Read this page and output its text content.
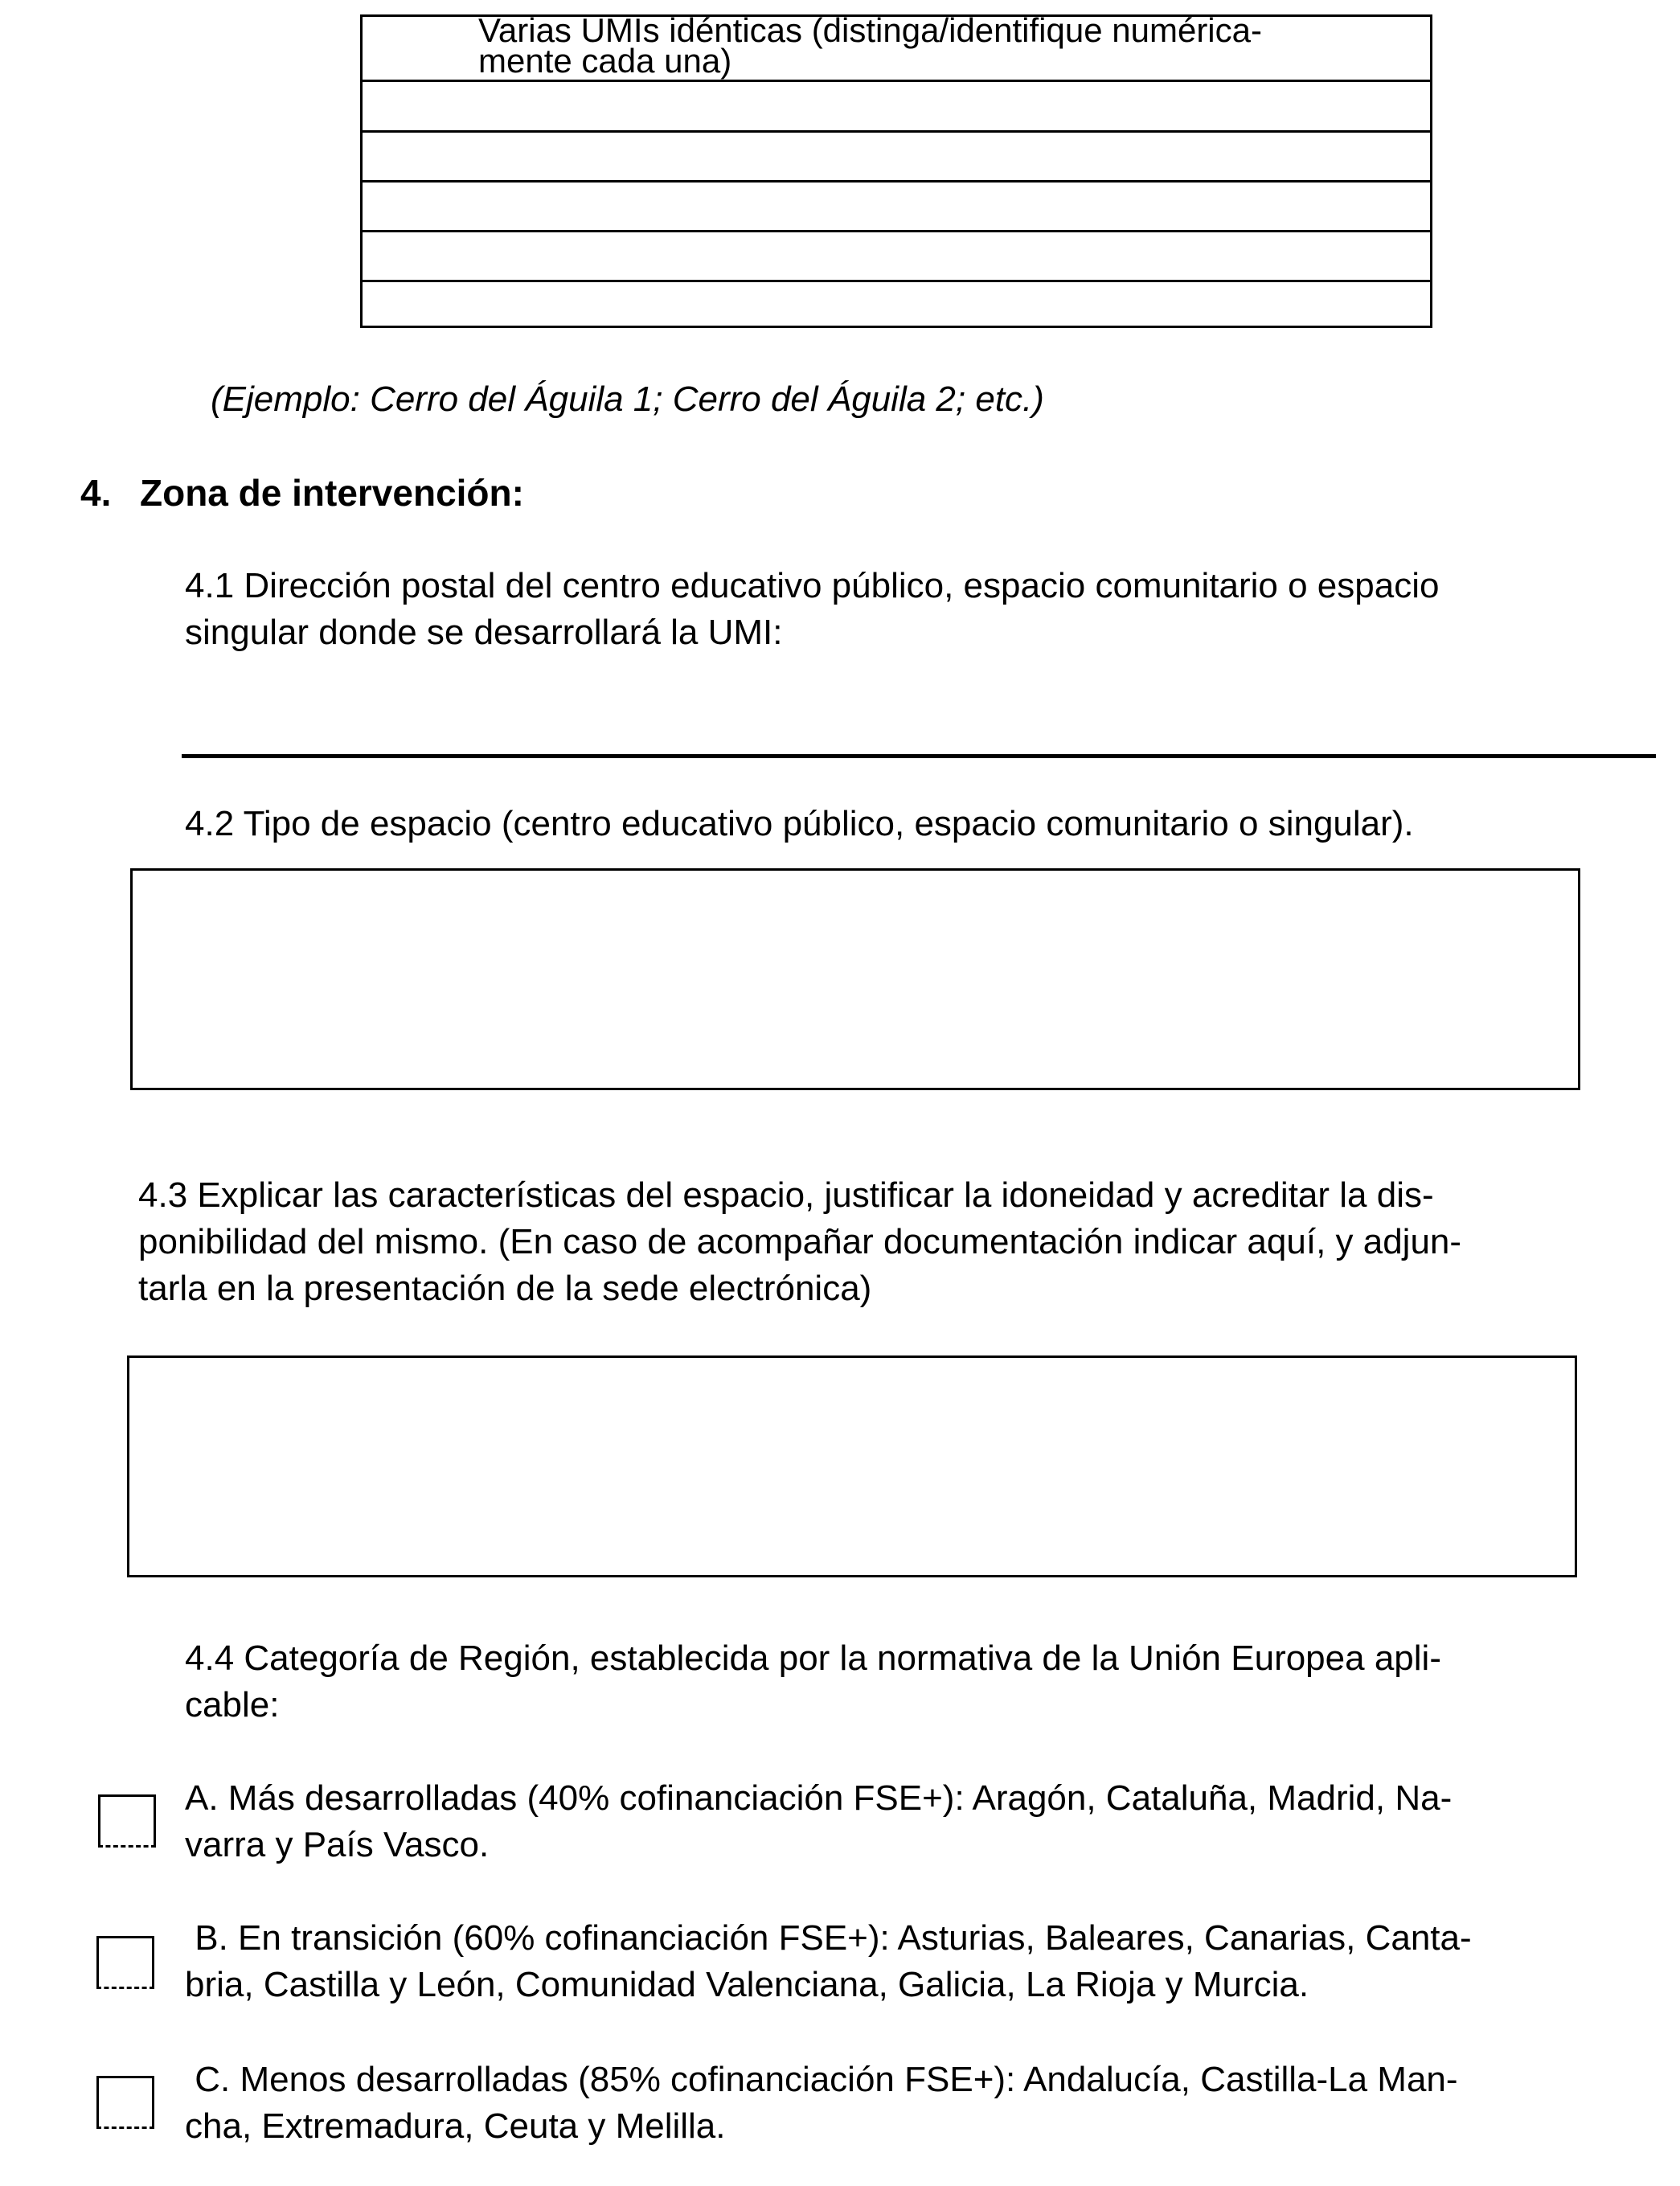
Varias UMIs idénticas (distinga/identifique numérica-
mente cada una)
(Ejemplo: Cerro del Águila 1; Cerro del Águila 2; etc.)
4. Zona de intervención:
4.1 Dirección postal del centro educativo público, espacio comunitario o espacio
singular donde se desarrollará la UMI:
4.2 Tipo de espacio (centro educativo público, espacio comunitario o singular).
4.3 Explicar las características del espacio, justificar la idoneidad y acreditar la dis-
ponibilidad del mismo. (En caso de acompañar documentación indicar aquí, y adjun-
tarla en la presentación de la sede electrónica)
4.4 Categoría de Región, establecida por la normativa de la Unión Europea apli-
cable:
A. Más desarrolladas (40% cofinanciación FSE+): Aragón, Cataluña, Madrid, Na-
varra y País Vasco.
B. En transición (60% cofinanciación FSE+): Asturias, Baleares, Canarias, Canta-
bria, Castilla y León, Comunidad Valenciana, Galicia, La Rioja y Murcia.
C. Menos desarrolladas (85% cofinanciación FSE+): Andalucía, Castilla-La Man-
cha, Extremadura, Ceuta y Melilla.
